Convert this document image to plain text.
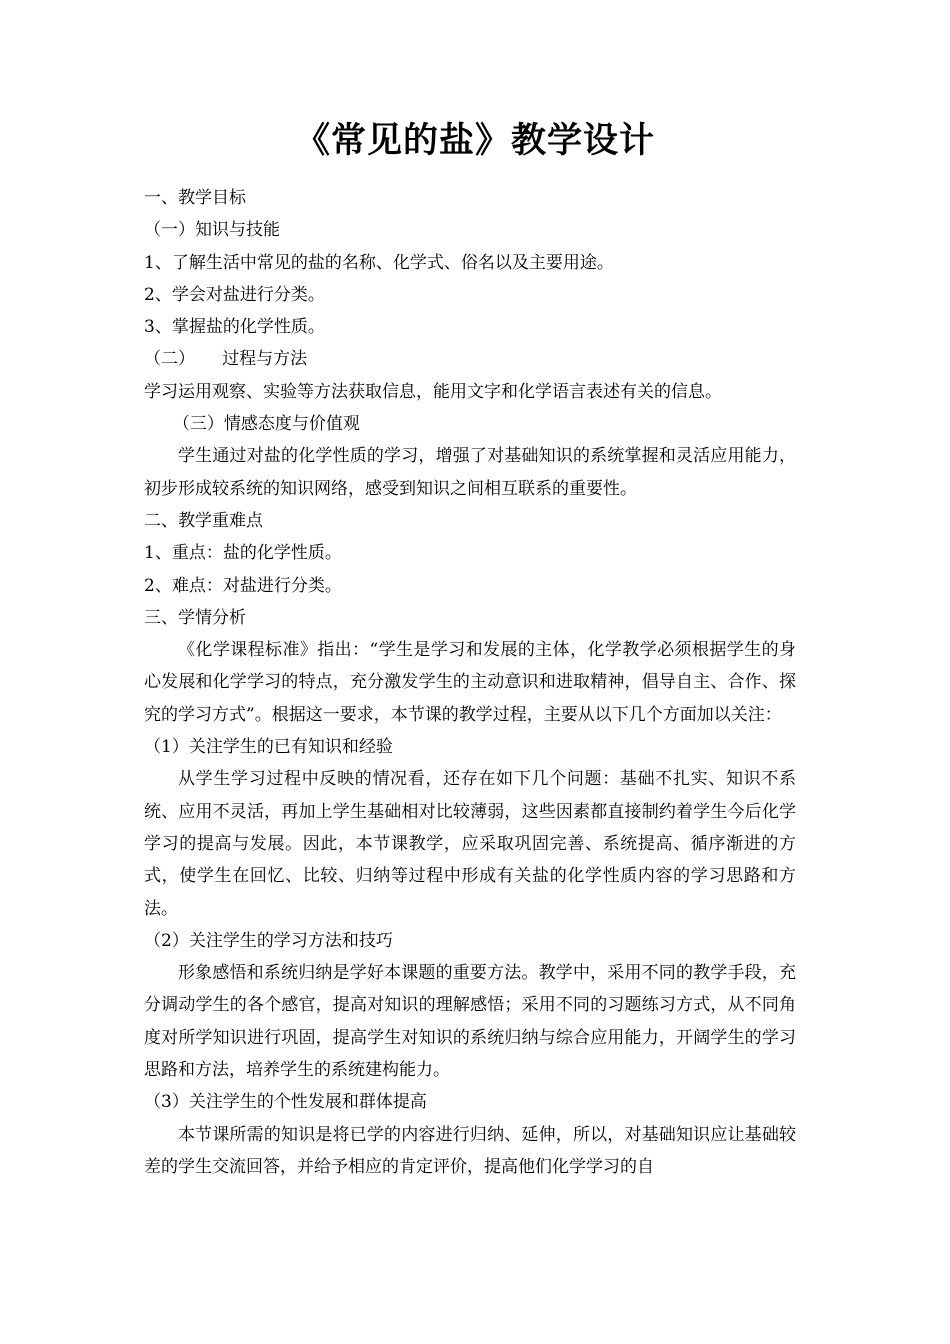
《常见的盐》教学设计

一、教学目标

（一）知识与技能

1、了解生活中常见的盐的名称、化学式、俗名以及主要用途。

2、学会对盐进行分类。

3、掌握盐的化学性质。

（二） 过程与方法

学习运用观察、实验等方法获取信息，能用文字和化学语言表述有关的信息。

（三）情感态度与价值观

学生通过对盐的化学性质的学习，增强了对基础知识的系统掌握和灵活应用能力，初步形成较系统的知识网络，感受到知识之间相互联系的重要性。

二、教学重难点

1、重点：盐的化学性质。

2、难点：对盐进行分类。

三、学情分析

《化学课程标准》指出：“学生是学习和发展的主体，化学教学必须根据学生的身心发展和化学学习的特点，充分激发学生的主动意识和进取精神，倡导自主、合作、探究的学习方式”。根据这一要求，本节课的教学过程，主要从以下几个方面加以关注：

（1）关注学生的已有知识和经验

从学生学习过程中反映的情况看，还存在如下几个问题：基础不扎实、知识不系统、应用不灵活，再加上学生基础相对比较薄弱，这些因素都直接制约着学生今后化学学习的提高与发展。因此，本节课教学，应采取巩固完善、系统提高、循序渐进的方式，使学生在回忆、比较、归纳等过程中形成有关盐的化学性质内容的学习思路和方法。

（2）关注学生的学习方法和技巧

形象感悟和系统归纳是学好本课题的重要方法。教学中，采用不同的教学手段，充分调动学生的各个感官，提高对知识的理解感悟；采用不同的习题练习方式，从不同角度对所学知识进行巩固，提高学生对知识的系统归纳与综合应用能力，开阔学生的学习思路和方法，培养学生的系统建构能力。

（3）关注学生的个性发展和群体提高

本节课所需的知识是将已学的内容进行归纳、延伸，所以，对基础知识应让基础较差的学生交流回答，并给予相应的肯定评价，提高他们化学学习的自
